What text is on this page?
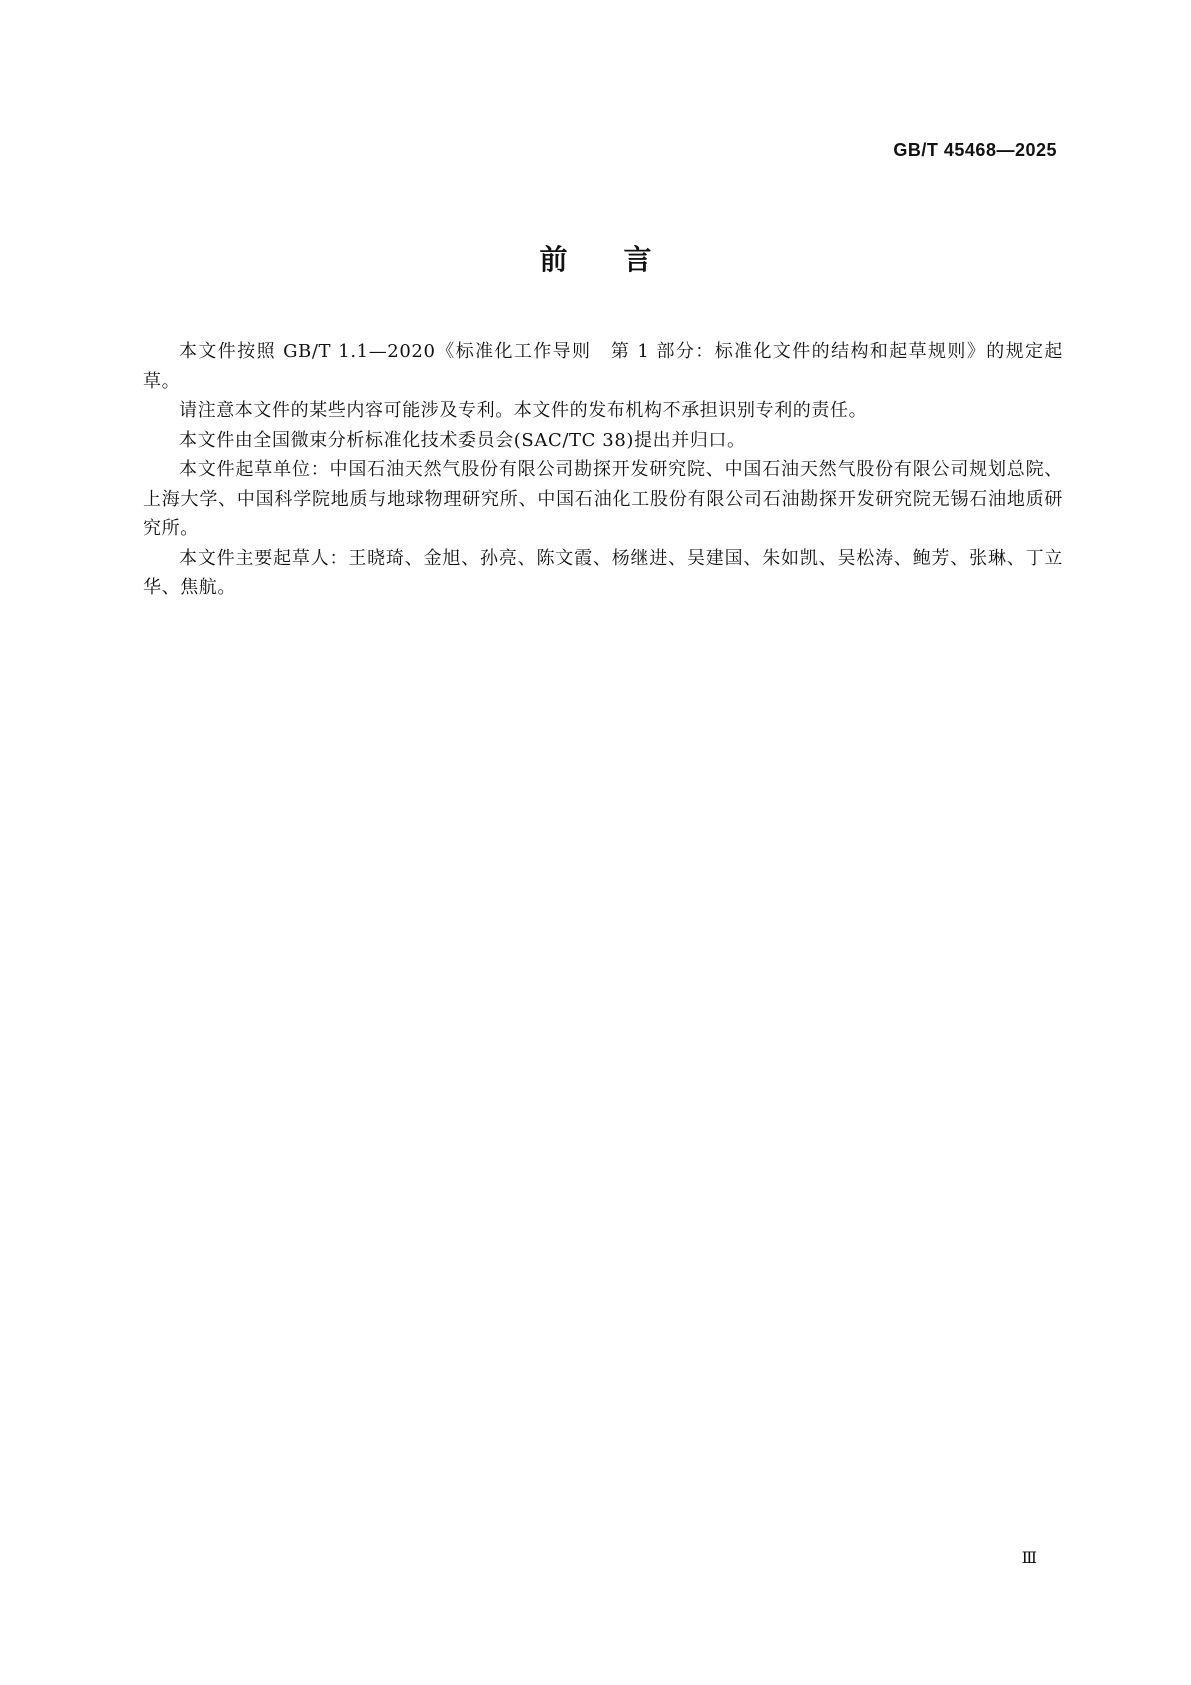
GB/T 45468—2025
前言

本文件按照 GB/T 1.1—2020《标准化工作导则　第 1 部分：标准化文件的结构和起草规则》的规定起草。

请注意本文件的某些内容可能涉及专利。本文件的发布机构不承担识别专利的责任。

本文件由全国微束分析标准化技术委员会(SAC/TC 38)提出并归口。

本文件起草单位：中国石油天然气股份有限公司勘探开发研究院、中国石油天然气股份有限公司规划总院、上海大学、中国科学院地质与地球物理研究所、中国石油化工股份有限公司石油勘探开发研究院无锡石油地质研究所。

本文件主要起草人：王晓琦、金旭、孙亮、陈文霞、杨继进、吴建国、朱如凯、吴松涛、鲍芳、张琳、丁立华、焦航。

Ⅲ
